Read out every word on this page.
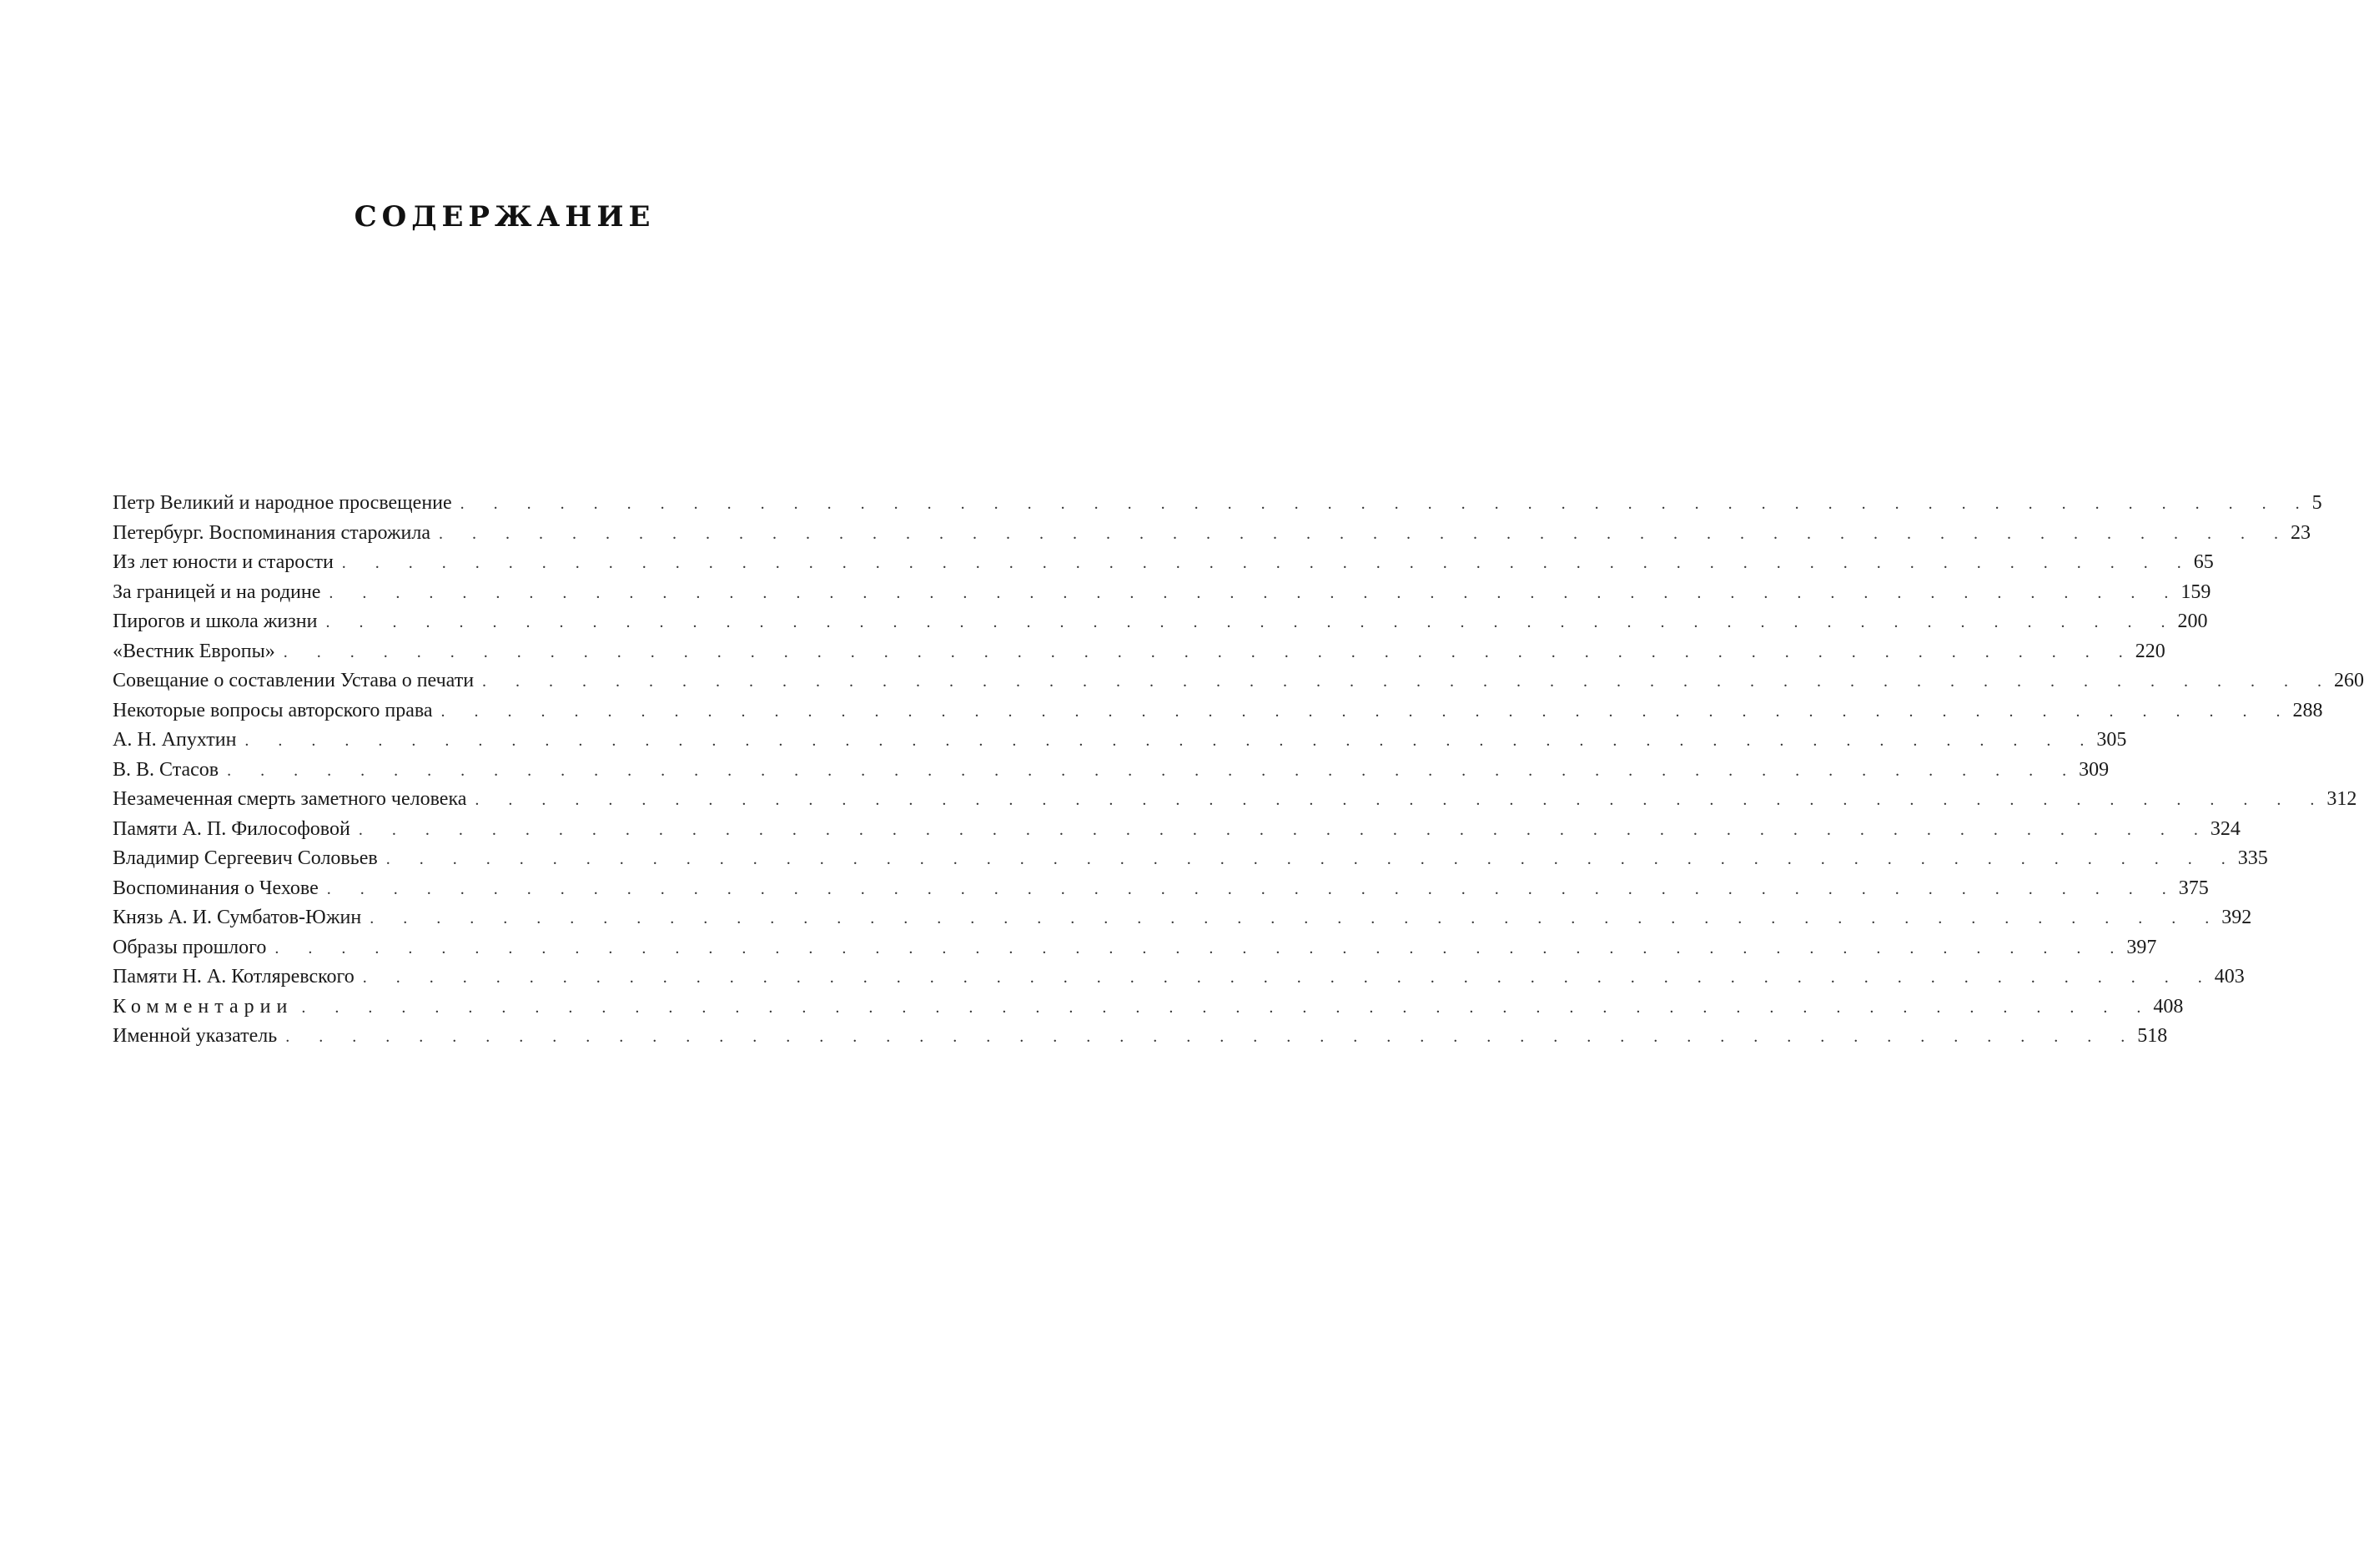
СОДЕРЖАНИЕ
Петр Великий и народное просвещение . . . . . . . . . . . . . . . . . . . . . . . . . . . . . . . . . . . . . . . . . . . . . . . . . . . . . . . . 5
Петербург. Воспоминания старожила . . . . . . . . . . . . . . . . . . . . . . . . . . . . . . . . . . . . . . . . . . . . . . . . . . . . . . . . 23
Из лет юности и старости . . . . . . . . . . . . . . . . . . . . . . . . . . . . . . . . . . . . . . . . . . . . . . . . . . . . . . . . 65
За границей и на родине . . . . . . . . . . . . . . . . . . . . . . . . . . . . . . . . . . . . . . . . . . . . . . . . . . . . . . . . 159
Пирогов и школа жизни . . . . . . . . . . . . . . . . . . . . . . . . . . . . . . . . . . . . . . . . . . . . . . . . . . . . . . . . 200
«Вестник Европы» . . . . . . . . . . . . . . . . . . . . . . . . . . . . . . . . . . . . . . . . . . . . . . . . . . . . . . . . 220
Совещание о составлении Устава о печати . . . . . . . . . . . . . . . . . . . . . . . . . . . . . . . . . . . . . . . . . . . . . . . . . . . . . . . . 260
Некоторые вопросы авторского права . . . . . . . . . . . . . . . . . . . . . . . . . . . . . . . . . . . . . . . . . . . . . . . . . . . . . . . . 288
А. Н. Апухтин . . . . . . . . . . . . . . . . . . . . . . . . . . . . . . . . . . . . . . . . . . . . . . . . . . . . . . . . 305
В. В. Стасов . . . . . . . . . . . . . . . . . . . . . . . . . . . . . . . . . . . . . . . . . . . . . . . . . . . . . . . . 309
Незамеченная смерть заметного человека . . . . . . . . . . . . . . . . . . . . . . . . . . . . . . . . . . . . . . . . . . . . . . . . . . . . . . . . 312
Памяти А. П. Философовой . . . . . . . . . . . . . . . . . . . . . . . . . . . . . . . . . . . . . . . . . . . . . . . . . . . . . . . . 324
Владимир Сергеевич Соловьев . . . . . . . . . . . . . . . . . . . . . . . . . . . . . . . . . . . . . . . . . . . . . . . . . . . . . . . . 335
Воспоминания о Чехове . . . . . . . . . . . . . . . . . . . . . . . . . . . . . . . . . . . . . . . . . . . . . . . . . . . . . . . . 375
Князь А. И. Сумбатов-Южин . . . . . . . . . . . . . . . . . . . . . . . . . . . . . . . . . . . . . . . . . . . . . . . . . . . . . . . . 392
Образы прошлого . . . . . . . . . . . . . . . . . . . . . . . . . . . . . . . . . . . . . . . . . . . . . . . . . . . . . . . . 397
Памяти Н. А. Котляревского . . . . . . . . . . . . . . . . . . . . . . . . . . . . . . . . . . . . . . . . . . . . . . . . . . . . . . . . 403
Комментарии . . . . . . . . . . . . . . . . . . . . . . . . . . . . . . . . . . . . . . . . . . . . . . . . . . . . . . . . 408
Именной указатель . . . . . . . . . . . . . . . . . . . . . . . . . . . . . . . . . . . . . . . . . . . . . . . . . . . . . . . . 518
